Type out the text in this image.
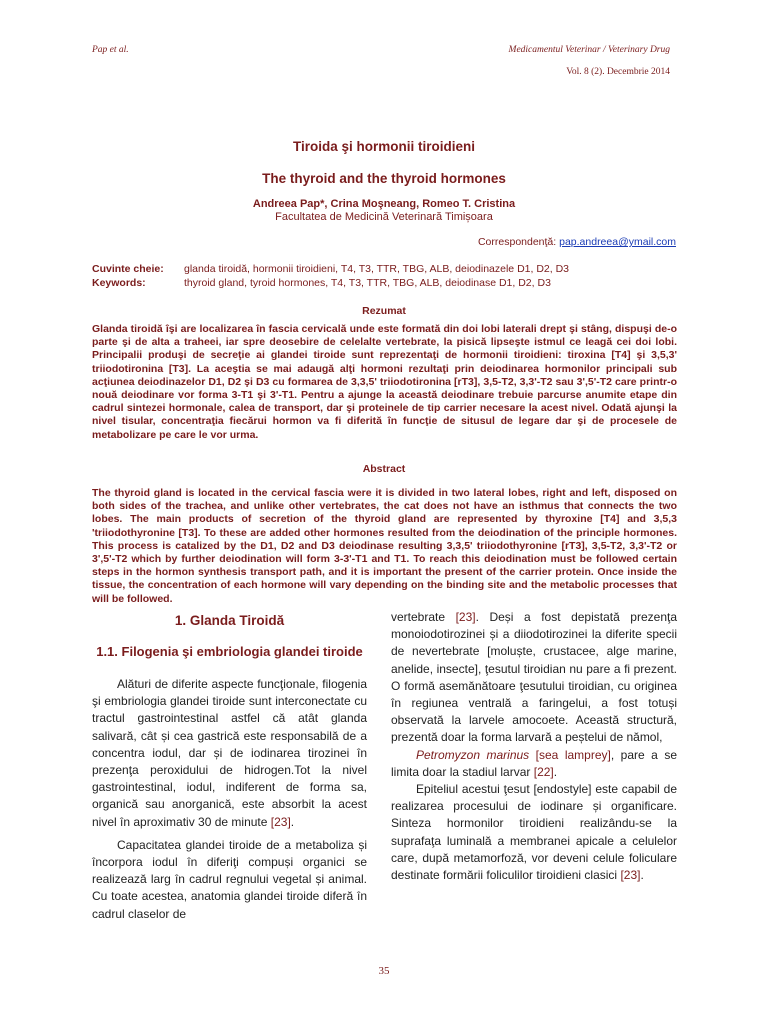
Pap et al.	Medicamentul Veterinar / Veterinary Drug
Vol. 8 (2). Decembrie 2014
Tiroida şi hormonii tiroidieni
The thyroid and the thyroid hormones
Andreea Pap*, Crina Moşneang, Romeo T. Cristina
Facultatea de Medicină Veterinară Timișoara
Correspondenţă: pap.andreea@ymail.com
Cuvinte cheie: glanda tiroidă, hormonii tiroidieni, T4, T3, TTR, TBG, ALB, deiodinazele D1, D2, D3
Keywords:	thyroid gland, tyroid hormones, T4, T3, TTR, TBG, ALB, deiodinase D1, D2, D3
Rezumat

Glanda tiroidă îşi are localizarea în fascia cervicală unde este formată din doi lobi laterali drept şi stâng, dispuşi de-o parte şi de alta a traheei, iar spre deosebire de celelalte vertebrate, la pisică lipseşte istmul ce leagă cei doi lobi. Principalii produşi de secreţie ai glandei tiroide sunt reprezentaţi de hormonii tiroidieni: tiroxina [T4] şi 3,5,3' triiodotironina [T3]. La aceştia se mai adaugă alţi hormoni rezultaţi prin deiodinarea hormonilor principali sub acţiunea deiodinazelor D1, D2 şi D3 cu formarea de 3,3,5' triiodotironina [rT3], 3,5-T2, 3,3'-T2 sau 3',5'-T2 care printr-o nouă deiodinare vor forma 3-T1 şi 3'-T1. Pentru a ajunge la această deiodinare trebuie parcurse anumite etape din cadrul sintezei hormonale, calea de transport, dar şi proteinele de tip carrier necesare la acest nivel. Odată ajunşi la nivel tisular, concentraţia fiecărui hormon va fi diferită în funcţie de situsul de legare dar şi de procesele de metabolizare pe care le vor urma.

Abstract

The thyroid gland is located in the cervical fascia were it is divided in two lateral lobes, right and left, disposed on both sides of the trachea, and unlike other vertebrates, the cat does not have an isthmus that connects the two lobes. The main products of secretion of the thyroid gland are represented by thyroxine [T4] and 3,5,3 'triiodothyronine [T3]. To these are added other hormones resulted from the deiodination of the principle hormones. This process is catalized by the D1, D2 and D3 deiodinase resulting 3,3,5' triiodothyronine [rT3], 3,5-T2, 3,3'-T2 or 3',5'-T2 which by further deiodination will form 3-3'-T1 and T1. To reach this deiodination must be followed certain steps in the hormon synthesis transport path, and it is important the present of the carrier protein. Once inside the tissue, the concentration of each hormone will vary depending on the binding site and the metabolic processes that will be followed.

1. Glanda Tiroidă
1.1. Filogenia şi embriologia glandei tiroide

Alături de diferite aspecte funcţionale, filogenia şi embriologia glandei tiroide sunt interconectate cu tractul gastrointestinal astfel că atât glanda salivară, cât și cea gastrică este responsabilă de a concentra iodul, dar și de iodinarea tirozinei în prezenţa peroxidului de hidrogen.Tot la nivel gastrointestinal, iodul, indiferent de forma sa, organică sau anorganică, este absorbit la acest nivel în aproximativ 30 de minute [23].

Capacitatea glandei tiroide de a metaboliza și încorpora iodul în diferiţi compuși organici se realizează larg în cadrul regnului vegetal și animal. Cu toate acestea, anatomia glandei tiroide diferă în cadrul claselor de

vertebrate [23]. Deși a fost depistată prezenţa monoiodotirozinei și a diiodotirozinei la diferite specii de nevertebrate [moluște, crustacee, alge marine, anelide, insecte], ţesutul tiroidian nu pare a fi prezent. O formă asemănătoare ţesutului tiroidian, cu originea în regiunea ventrală a faringelui, a fost totuși observată la larvele amocoete. Această structură, prezentă doar la forma larvară a peștelui de nămol,

Petromyzon marinus [sea lamprey], pare a se limita doar la stadiul larvar [22].

Epiteliul acestui ţesut [endostyle] este capabil de realizarea procesului de iodinare și organificare. Sinteza hormonilor tiroidieni realizându-se la suprafaţa luminală a membranei apicale a celulelor care, după metamorfoză, vor deveni celule foliculare destinate formării foliculilor tiroidieni clasici [23].

35
